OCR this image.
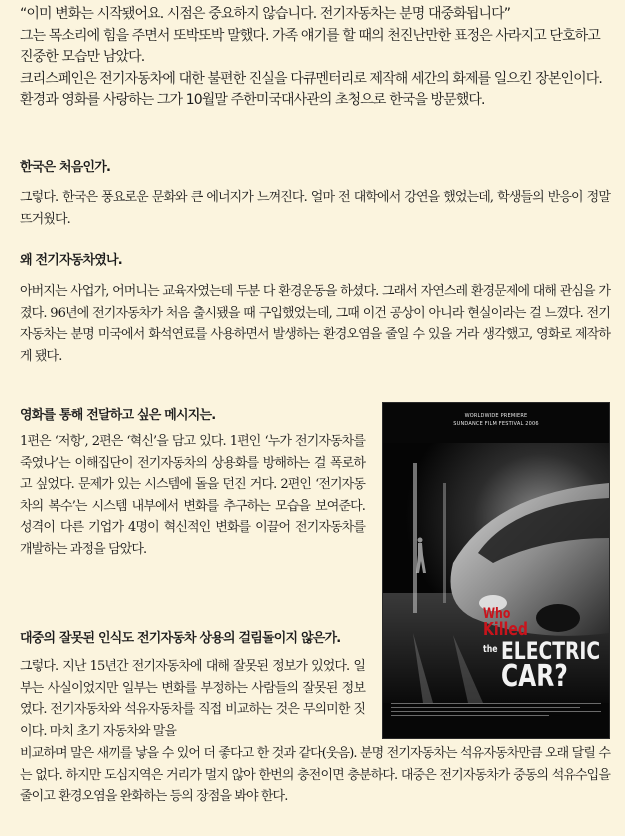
“이미 변화는 시작됐어요. 시점은 중요하지 않습니다. 전기자동차는 분명 대중화됩니다”

그는 목소리에 힘을 주면서 또박또박 말했다. 가족 얘기를 할 때의 천진난만한 표정은 사라지고 단호하고 진중한 모습만 남았다.

크리스페인은 전기자동차에 대한 불편한 진실을 다큐멘터리로 제작해 세간의 화제를 일으킨 장본인이다. 환경과 영화를 사랑하는 그가 10월말 주한미국대사관의 초청으로 한국을 방문했다.

한국은 처음인가.

그렇다. 한국은 풍요로운 문화와 큰 에너지가 느껴진다. 얼마 전 대학에서 강연을 했었는데, 학생들의 반응이 정말 뜨거웠다.

왜 전기자동차였나.

아버지는 사업가, 어머니는 교육자였는데 두분 다 환경운동을 하셨다. 그래서 자연스레 환경문제에 대해 관심을 가졌다. 96년에 전기자동차가 처음 출시됐을 때 구입했었는데, 그때 이건 공상이 아니라 현실이라는 걸 느꼈다. 전기자동차는 분명 미국에서 화석연료를 사용하면서 발생하는 환경오염을 줄일 수 있을 거라 생각했고, 영화로 제작하게 됐다.

영화를 통해 전달하고 싶은 메시지는.

1편은 ‘저항’, 2편은 ‘혁신’을 담고 있다. 1편인 ‘누가 전기자동차를 죽였나’는 이해집단이 전기자동차의 상용화를 방해하는 걸 폭로하고 싶었다. 문제가 있는 시스템에 돌을 던진 거다. 2편인 ‘전기자동차의 복수’는 시스템 내부에서 변화를 추구하는 모습을 보여준다. 성격이 다른 기업가 4명이 혁신적인 변화를 이끌어 전기자동차를 개발하는 과정을 담았다.

대중의 잘못된 인식도 전기자동차 상용의 걸림돌이지 않은가.

그렇다. 지난 15년간 전기자동차에 대해 잘못된 정보가 있었다. 일부는 사실이었지만 일부는 변화를 부정하는 사람들의 잘못된 정보였다. 전기자동차와 석유자동차를 직접 비교하는 것은 무의미한 짓이다. 마치 초기 자동차와 말을

비교하며 말은 새끼를 낳을 수 있어 더 좋다고 한 것과 같다(웃음). 분명 전기자동차는 석유자동차만큼 오래 달릴 수는 없다. 하지만 도심지역은 거리가 멀지 않아 한번의 충전이면 충분하다. 대중은 전기자동차가 중동의 석유수입을 줄이고 환경오염을 완화하는 등의 장점을 봐야 한다.

WORLDWIDE PREMIERE
SUNDANCE FILM FESTIVAL 2006
Who
Killed
the ELECTRIC
CAR?
